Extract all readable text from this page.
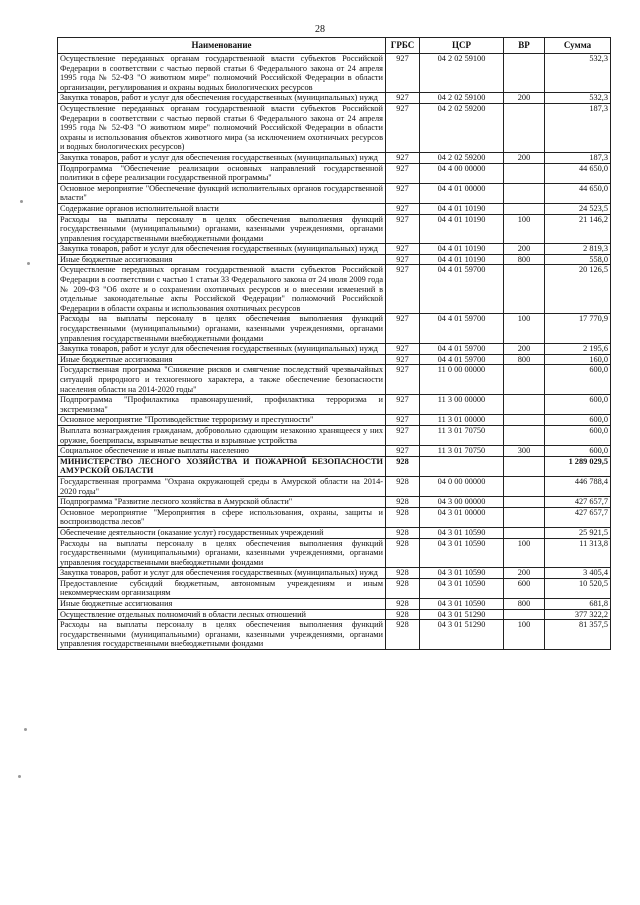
28
Наименование	ГРБС	ЦСР	ВР	Сумма
Осуществление переданных органам государственной власти субъектов Российской Федерации в соответствии с частью первой статьи 6 Федерального закона от 24 апреля 1995 года № 52-ФЗ "О животном мире" полномочий Российской Федерации в области организации, регулирования и охраны водных биологических ресурсов	927	04 2 02 59100		532,3
Закупка товаров, работ и услуг для обеспечения государственных (муниципальных) нужд	927	04 2 02 59100	200	532,3
Осуществление переданных органам государственной власти субъектов Российской Федерации в соответствии с частью первой статьи 6 Федерального закона от 24 апреля 1995 года № 52-ФЗ "О животном мире" полномочий Российской Федерации в области охраны и использования объектов животного мира (за исключением охотничьих ресурсов и водных биологических ресурсов)	927	04 2 02 59200		187,3
Закупка товаров, работ и услуг для обеспечения государственных (муниципальных) нужд	927	04 2 02 59200	200	187,3
Подпрограмма "Обеспечение реализации основных направлений государственной политики в сфере реализации государственной программы"	927	04 4 00 00000		44 650,0
Основное мероприятие "Обеспечение функций исполнительных органов государственной власти"	927	04 4 01 00000		44 650,0
Содержание органов исполнительной власти	927	04 4 01 10190		24 523,5
Расходы на выплаты персоналу в целях обеспечения выполнения функций государственными (муниципальными) органами, казенными учреждениями, органами управления государственными внебюджетными фондами	927	04 4 01 10190	100	21 146,2
Закупка товаров, работ и услуг для обеспечения государственных (муниципальных) нужд	927	04 4 01 10190	200	2 819,3
Иные бюджетные ассигнования	927	04 4 01 10190	800	558,0
Осуществление переданных органам государственной власти субъектов Российской Федерации в соответствии с частью 1 статьи 33 Федерального закона от 24 июля 2009 года № 209-ФЗ "Об охоте и о сохранении охотничьих ресурсов и о внесении изменений в отдельные законодательные акты Российской Федерации" полномочий Российской Федерации в области охраны и использования охотничьих ресурсов	927	04 4 01 59700		20 126,5
Расходы на выплаты персоналу в целях обеспечения выполнения функций государственными (муниципальными) органами, казенными учреждениями, органами управления государственными внебюджетными фондами	927	04 4 01 59700	100	17 770,9
Закупка товаров, работ и услуг для обеспечения государственных (муниципальных) нужд	927	04 4 01 59700	200	2 195,6
Иные бюджетные ассигнования	927	04 4 01 59700	800	160,0
Государственная программа "Снижение рисков и смягчение последствий чрезвычайных ситуаций природного и техногенного характера, а также обеспечение безопасности населения области на 2014-2020 годы"	927	11 0 00 00000		600,0
Подпрограмма "Профилактика правонарушений, профилактика терроризма и экстремизма"	927	11 3 00 00000		600,0
Основное мероприятие "Противодействие терроризму и преступности"	927	11 3 01 00000		600,0
Выплата вознаграждения гражданам, добровольно сдающим незаконно хранящееся у них оружие, боеприпасы, взрывчатые вещества и взрывные устройства	927	11 3 01 70750		600,0
Социальное обеспечение и иные выплаты населению	927	11 3 01 70750	300	600,0
МИНИСТЕРСТВО ЛЕСНОГО ХОЗЯЙСТВА И ПОЖАРНОЙ БЕЗОПАСНОСТИ АМУРСКОЙ ОБЛАСТИ	928			1 289 029,5
Государственная программа "Охрана окружающей среды в Амурской области на 2014-2020 годы"	928	04 0 00 00000		446 788,4
Подпрограмма "Развитие лесного хозяйства в Амурской области"	928	04 3 00 00000		427 657,7
Основное мероприятие "Мероприятия в сфере использования, охраны, защиты и воспроизводства лесов"	928	04 3 01 00000		427 657,7
Обеспечение деятельности (оказание услуг) государственных учреждений	928	04 3 01 10590		25 921,5
Расходы на выплаты персоналу в целях обеспечения выполнения функций государственными (муниципальными) органами, казенными учреждениями, органами управления государственными внебюджетными фондами	928	04 3 01 10590	100	11 313,8
Закупка товаров, работ и услуг для обеспечения государственных (муниципальных) нужд	928	04 3 01 10590	200	3 405,4
Предоставление субсидий бюджетным, автономным учреждениям и иным некоммерческим организациям	928	04 3 01 10590	600	10 520,5
Иные бюджетные ассигнования	928	04 3 01 10590	800	681,8
Осуществление отдельных полномочий в области лесных отношений	928	04 3 01 51290		377 322,2
Расходы на выплаты персоналу в целях обеспечения выполнения функций государственными (муниципальными) органами, казенными учреждениями, органами управления государственными внебюджетными фондами	928	04 3 01 51290	100	81 357,5
